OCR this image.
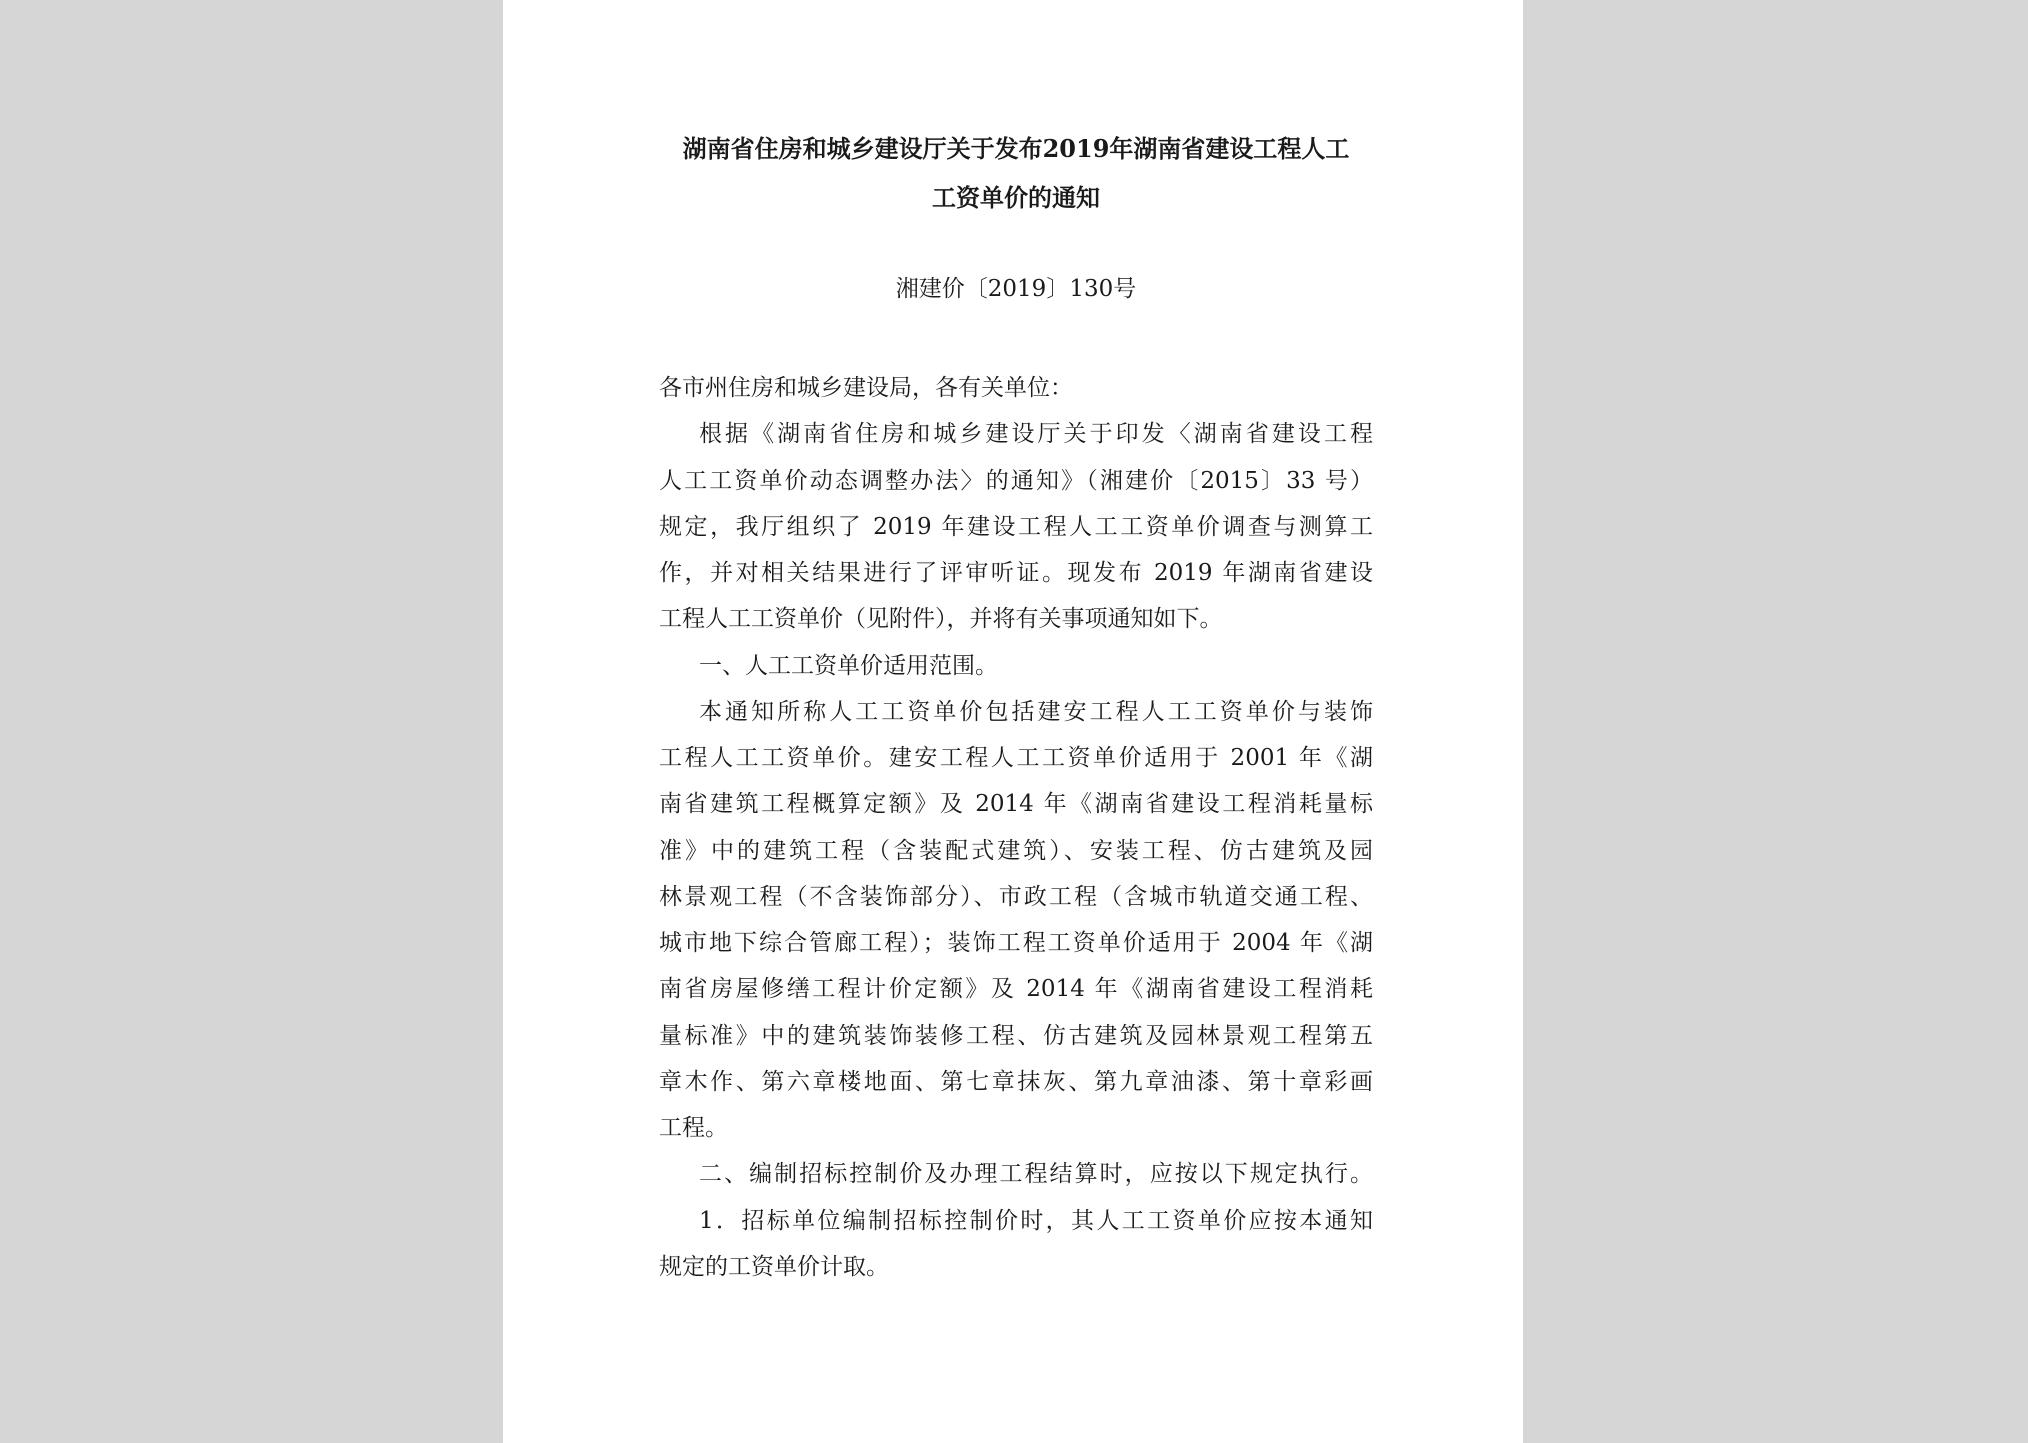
湖南省住房和城乡建设厅关于发布2019年湖南省建设工程人工
工资单价的通知
湘建价〔2019〕130号
各市州住房和城乡建设局，各有关单位：
根据《湖南省住房和城乡建设厅关于印发〈湖南省建设工程
人工工资单价动态调整办法〉的通知》（湘建价〔2015〕33 号）
规定，我厅组织了 2019 年建设工程人工工资单价调查与测算工
作，并对相关结果进行了评审听证。现发布 2019 年湖南省建设
工程人工工资单价（见附件），并将有关事项通知如下。
一、人工工资单价适用范围。
本通知所称人工工资单价包括建安工程人工工资单价与装饰
工程人工工资单价。建安工程人工工资单价适用于 2001 年《湖
南省建筑工程概算定额》及 2014 年《湖南省建设工程消耗量标
准》中的建筑工程（含装配式建筑）、安装工程、仿古建筑及园
林景观工程（不含装饰部分）、市政工程（含城市轨道交通工程、
城市地下综合管廊工程）；装饰工程工资单价适用于 2004 年《湖
南省房屋修缮工程计价定额》及 2014 年《湖南省建设工程消耗
量标准》中的建筑装饰装修工程、仿古建筑及园林景观工程第五
章木作、第六章楼地面、第七章抹灰、第九章油漆、第十章彩画
工程。
二、编制招标控制价及办理工程结算时，应按以下规定执行。
1．招标单位编制招标控制价时，其人工工资单价应按本通知
规定的工资单价计取。
